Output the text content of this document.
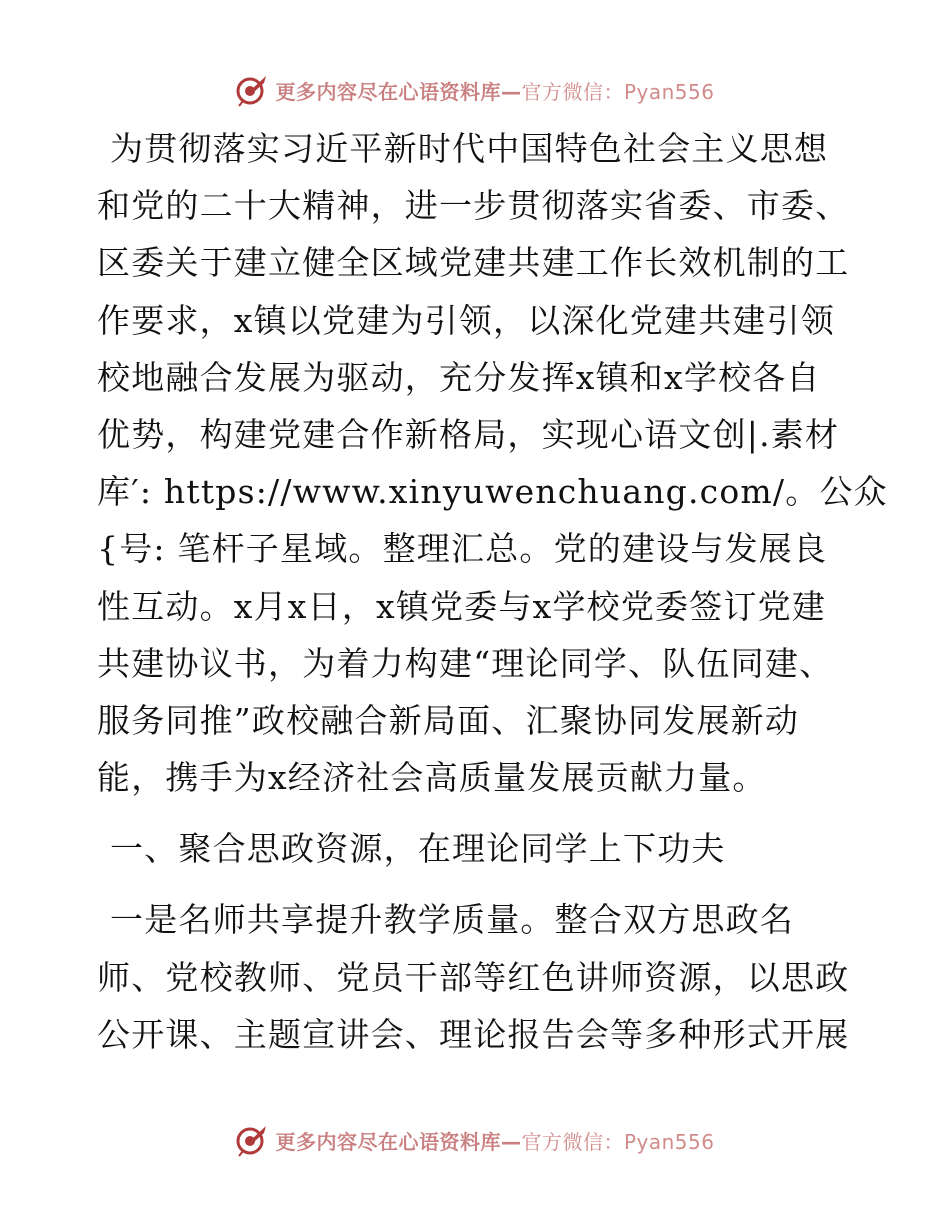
更多内容尽在心语资料库—官方微信：Pyan556
为贯彻落实习近平新时代中国特色社会主义思想
和党的二十大精神，进一步贯彻落实省委、市委、
区委关于建立健全区域党建共建工作长效机制的工
作要求，x镇以党建为引领，以深化党建共建引领
校地融合发展为驱动，充分发挥x镇和x学校各自
优势，构建党建合作新格局，实现心语文创|.素材
库′: https://www.xinyuwenchuang.com/。公众
{号: 笔杆子星域。整理汇总。党的建设与发展良
性互动。x月x日，x镇党委与x学校党委签订党建
共建协议书，为着力构建“理论同学、队伍同建、
服务同推”政校融合新局面、汇聚协同发展新动
能，携手为x经济社会高质量发展贡献力量。
一、聚合思政资源，在理论同学上下功夫
一是名师共享提升教学质量。整合双方思政名
师、党校教师、党员干部等红色讲师资源，以思政
公开课、主题宣讲会、理论报告会等多种形式开展
更多内容尽在心语资料库—官方微信：Pyan556
